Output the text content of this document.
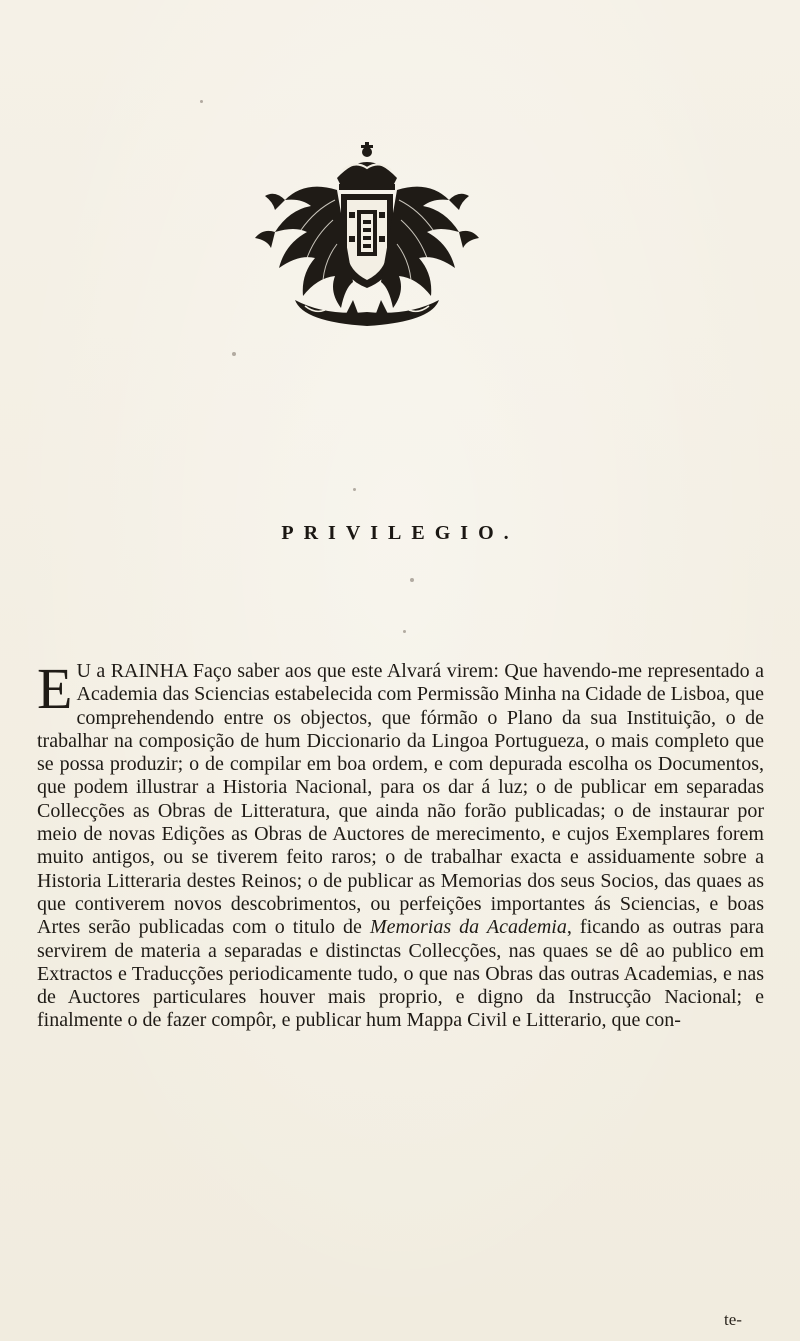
PRIVILEGIO.

E U a RAINHA Faço saber aos que este Alvará virem: Que havendo-me representado a Academia das Sciencias estabelecida com Permissão Minha na Cidade de Lisboa, que comprehendendo entre os objectos, que fórmão o Plano da sua Instituição, o de trabalhar na composição de hum Diccionario da Lingoa Portugueza, o mais completo que se possa produzir; o de compilar em boa ordem, e com depurada escolha os Documentos, que podem illustrar a Historia Nacional, para os dar á luz; o de publicar em separadas Collecções as Obras de Litteratura, que ainda não forão publicadas; o de instaurar por meio de novas Edições as Obras de Auctores de merecimento, e cujos Exemplares forem muito antigos, ou se tiverem feito raros; o de trabalhar exacta e assiduamente sobre a Historia Litteraria destes Reinos; o de publicar as Memorias dos seus Socios, das quaes as que contiverem novos descobrimentos, ou perfeições importantes ás Sciencias, e boas Artes serão publicadas com o titulo de Memorias da Academia, ficando as outras para servirem de materia a separadas e distinctas Collecções, nas quaes se dê ao publico em Extractos e Traducções periodicamente tudo, o que nas Obras das outras Academias, e nas de Auctores particulares houver mais proprio, e digno da Instrucção Nacional; e finalmente o de fazer compôr, e publicar hum Mappa Civil e Litterario, que con-

te-
